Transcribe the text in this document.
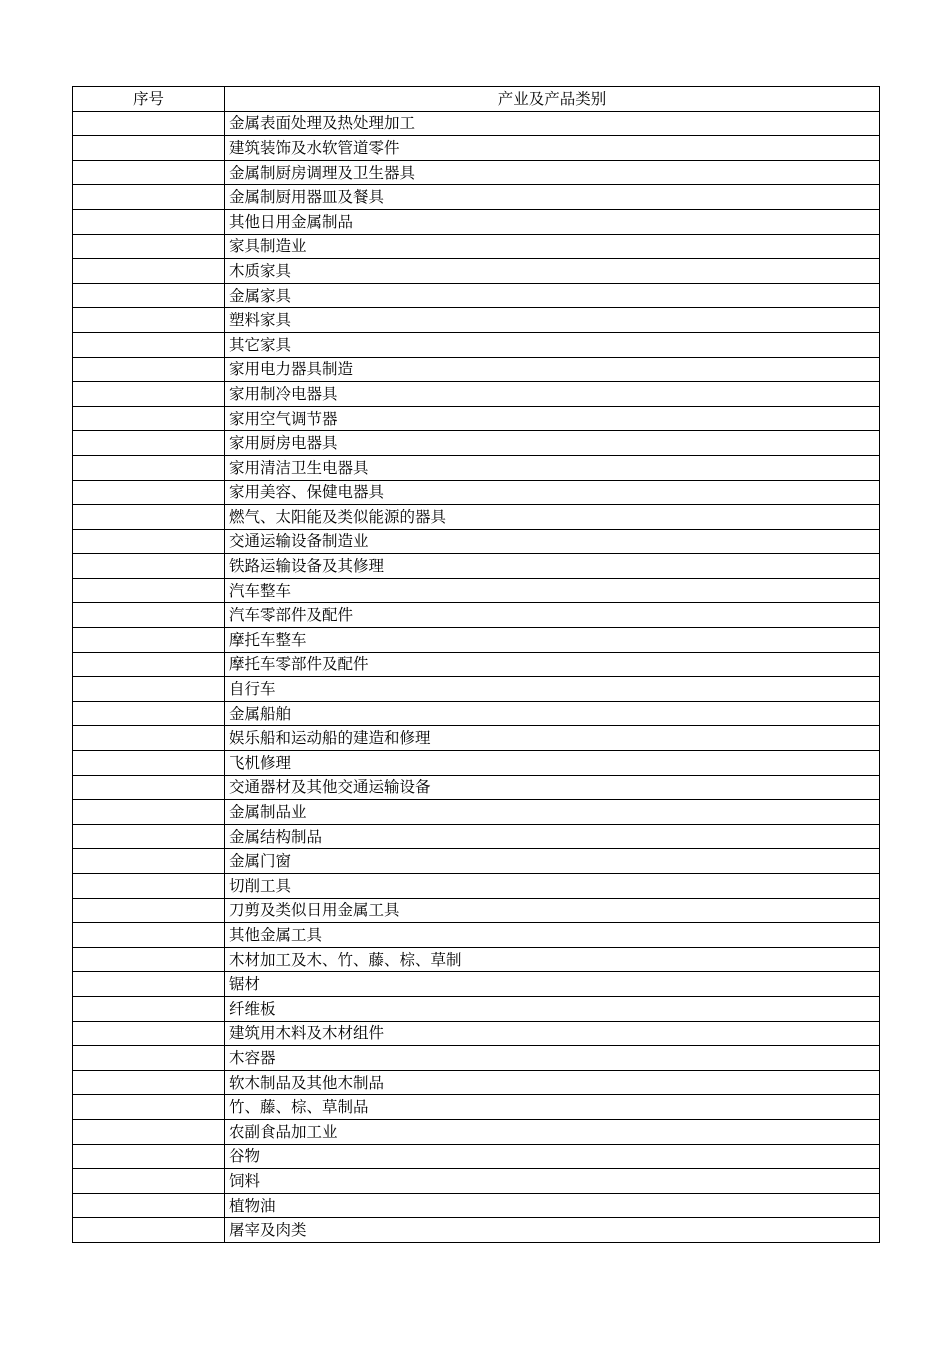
序号	产业及产品类别
	金属表面处理及热处理加工
	建筑装饰及水软管道零件
	金属制厨房调理及卫生器具
	金属制厨用器皿及餐具
	其他日用金属制品
	家具制造业
	木质家具
	金属家具
	塑料家具
	其它家具
	家用电力器具制造
	家用制冷电器具
	家用空气调节器
	家用厨房电器具
	家用清洁卫生电器具
	家用美容、保健电器具
	燃气、太阳能及类似能源的器具
	交通运输设备制造业
	铁路运输设备及其修理
	汽车整车
	汽车零部件及配件
	摩托车整车
	摩托车零部件及配件
	自行车
	金属船舶
	娱乐船和运动船的建造和修理
	飞机修理
	交通器材及其他交通运输设备
	金属制品业
	金属结构制品
	金属门窗
	切削工具
	刀剪及类似日用金属工具
	其他金属工具
	木材加工及木、竹、藤、棕、草制
	锯材
	纤维板
	建筑用木料及木材组件
	木容器
	软木制品及其他木制品
	竹、藤、棕、草制品
	农副食品加工业
	谷物
	饲料
	植物油
	屠宰及肉类
